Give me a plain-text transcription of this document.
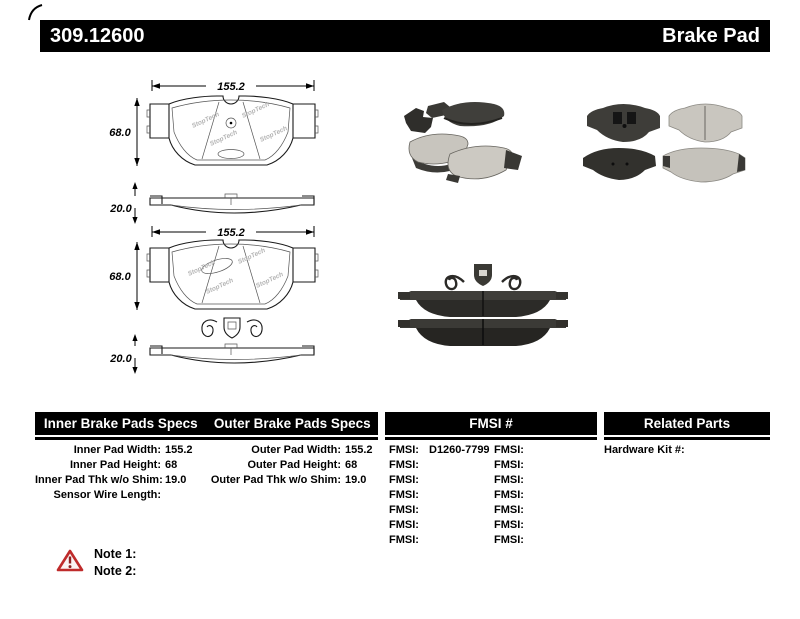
309.12600	Brake Pad
155.2
68.0
StopTech
StopTech
StopTech	StopTech
20.0
155.2
68.0	StopTech
StopTech
StopTech	StopTech
20.0
Inner Brake Pads Specs	Outer Brake Pads Specs	FMSI #	Related Parts
Inner Pad Width: 155.2
Inner Pad Height: 68
Inner Pad Thk w/o Shim: 19.0
Sensor Wire Length:
Outer Pad Width: 155.2
Outer Pad Height: 68
Outer Pad Thk w/o Shim: 19.0
FMSI: D1260-7799
FMSI:
FMSI:
FMSI:
FMSI:
FMSI:
FMSI:
FMSI:
FMSI:
FMSI:
FMSI:
FMSI:
FMSI:
FMSI:
Hardware Kit #:
Note 1:
Note 2:
